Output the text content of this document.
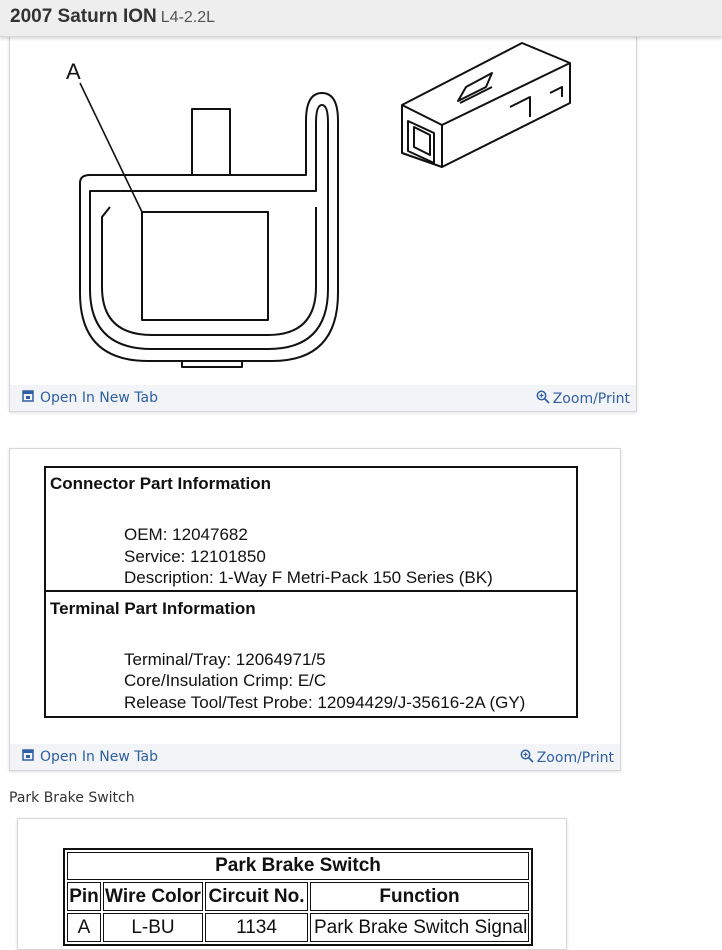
2007 Saturn ION L4-2.2L
A
Open In New Tab	Zoom/Print
Connector Part Information
OEM: 12047682
Service: 12101850
Description: 1-Way F Metri-Pack 150 Series (BK)
Terminal Part Information
Terminal/Tray: 12064971/5
Core/Insulation Crimp: E/C
Release Tool/Test Probe: 12094429/J-35616-2A (GY)
Open In New Tab	Zoom/Print
Park Brake Switch
Park Brake Switch			
Pin	Wire Color	Circuit No.	Function
A	L-BU	1134	Park Brake Switch Signal
